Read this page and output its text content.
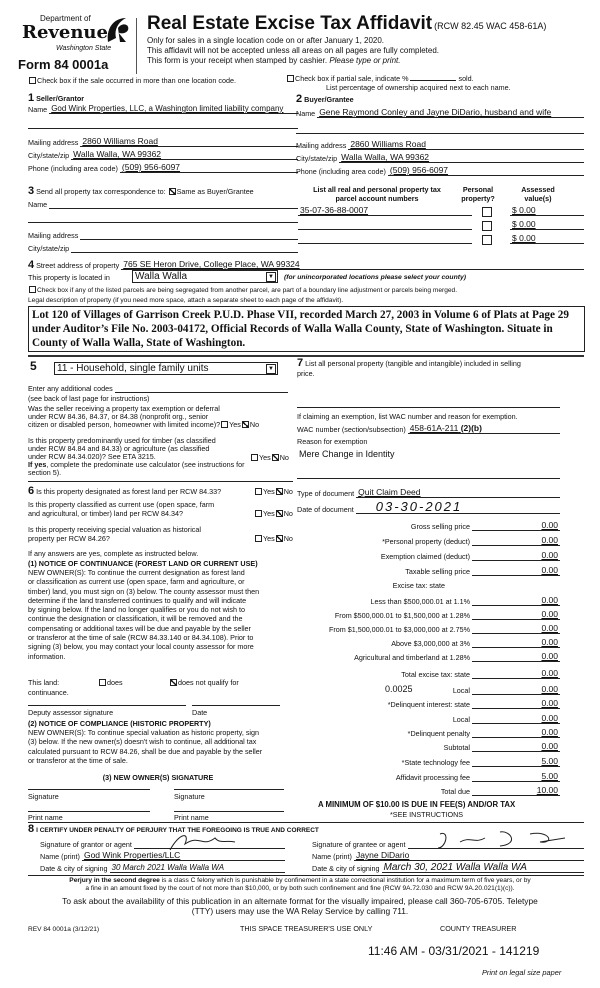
Department of
Revenue
Washington State
Form 84 0001a
Real Estate Excise Tax Affidavit (RCW 82.45 WAC 458-61A)
Only for sales in a single location code on or after January 1, 2020.
This affidavit will not be accepted unless all areas on all pages are fully completed.
This form is your receipt when stamped by cashier. Please type or print.
Check box if the sale occurred in more than one location code.	Check box if partial sale, indicate %	sold.
List percentage of ownership acquired next to each name.
1 Seller/Grantor
Name God Wink Properties, LLC, a Washington limited liability company
Mailing address 2860 Williams Road
City/state/zip Walla Walla, WA 99362
Phone (including area code) (509) 956-6097
2 Buyer/Grantee
Name Gene Raymond Conley and Jayne DiDario, husband and wife
Mailing address 2860 Williams Road
City/state/zip Walla Walla, WA 99362
Phone (including area code) (509) 956-6097
3 Send all property tax correspondence to: Same as Buyer/Grantee
Name
Mailing address
City/state/zip
List all real and personal property tax
parcel account numbers
Personal
property?
Assessed
value(s)
35-07-36-88-0007	$ 0.00
$ 0.00
$ 0.00
4
Street address of property 765 SE Heron Drive, College Place, WA 99324
This property is located in	Walla Walla	▼ (for unincorporated locations please select your county)
Check box if any of the listed parcels are being segregated from another parcel, are part of a boundary line adjustment or parcels being merged.
Legal description of property (if you need more space, attach a separate sheet to each page of the affidavit).
Lot 120 of Villages of Garrison Creek P.U.D. Phase VII, recorded March 27, 2003 in Volume 6 of Plats at Page 29 under Auditor’s File No. 2003-04172, Official Records of Walla Walla County, State of Washington. Situate in County of Walla Walla, State of Washington.
5	11 - Household, single family units	▼
Enter any additional codes
(see back of last page for instructions)
Was the seller receiving a property tax exemption or deferral
under RCW 84.36, 84.37, or 84.38 (nonprofit org., senior
citizen or disabled person, homeowner with limited income)? Yes No
Is this property predominantly used for timber (as classified
under RCW 84.84 and 84.33) or agriculture (as classified
under RCW 84.34.020)? See ETA 3215.
If yes, complete the predominate use calculator (see instructions for
section 5).
Yes No
6 Is this property designated as forest land per RCW 84.33?	Yes No
Is this property classified as current use (open space, farm
and agricultural, or timber) land per RCW 84.34?	Yes No
Is this property receiving special valuation as historical
property per RCW 84.26?	Yes No
If any answers are yes, complete as instructed below.
(1) NOTICE OF CONTINUANCE (FOREST LAND OR CURRENT USE)
NEW OWNER(S): To continue the current designation as forest land
or classification as current use (open space, farm and agriculture, or
timber) land, you must sign on (3) below. The county assessor must then
determine if the land transferred continues to qualify and will indicate
by signing below. If the land no longer qualifies or you do not wish to
continue the designation or classification, it will be removed and the
compensating or additional taxes will be due and payable by the seller
or transferor at the time of sale (RCW 84.33.140 or 84.34.108). Prior to
signing (3) below, you may contact your local county assessor for more
information.
This land:	does	does not qualify for
continuance.
Deputy assessor signature	Date
(2) NOTICE OF COMPLIANCE (HISTORIC PROPERTY)
NEW OWNER(S): To continue special valuation as historic property, sign
(3) below. If the new owner(s) doesn't wish to continue, all additional tax
calculated pursuant to RCW 84.26, shall be due and payable by the seller
or transferor at the time of sale.
(3) NEW OWNER(S) SIGNATURE
Signature	Signature
Print name	Print name
7 List all personal property (tangible and intangible) included in selling
price.
If claiming an exemption, list WAC number and reason for exemption.
WAC number (section/subsection) 458-61A-211 (2)(b)
Reason for exemption
Mere Change in Identity
Type of document Quit Claim Deed
Date of document	03-30-2021
Gross selling price	0.00
*Personal property (deduct)	0.00
Exemption claimed (deduct)	0.00
Taxable selling price	0.00
Excise tax: state
Less than $500,000.01 at 1.1%	0.00
From $500,000.01 to $1,500,000 at 1.28%	0.00
From $1,500,000.01 to $3,000,000 at 2.75%	0.00
Above $3,000,000 at 3%	0.00
Agricultural and timberland at 1.28%	0.00
Total excise tax: state	0.00
Local	0.00
0.0025
*Delinquent interest: state	0.00
Local	0.00
*Delinquent penalty	0.00
Subtotal	0.00
*State technology fee	5.00
Affidavit processing fee	5.00
Total due	10.00
A MINIMUM OF $10.00 IS DUE IN FEE(S) AND/OR TAX
*SEE INSTRUCTIONS
8 I CERTIFY UNDER PENALTY OF PERJURY THAT THE FOREGOING IS TRUE AND CORRECT
Signature of grantor or agent
Name (print) God Wink Properties/LLC
Date & city of signing 30 March 2021 Walla Walla WA
Signature of grantee or agent
Name (print) Jayne DiDario
Date & city of signing March 30, 2021 Walla Walla WA
Perjury in the second degree is a class C felony which is punishable by confinement in a state correctional institution for a maximum term of five years, or by
a fine in an amount fixed by the court of not more than $10,000, or by both such confinement and fine (RCW 9A.72.030 and RCW 9A.20.021(1)(c)).
To ask about the availability of this publication in an alternate format for the visually impaired, please call 360-705-6705. Teletype
(TTY) users may use the WA Relay Service by calling 711.
REV 84 0001a (3/12/21)	THIS SPACE TREASURER'S USE ONLY	COUNTY TREASURER
11:46 AM - 03/31/2021 - 141219
Print on legal size paper
